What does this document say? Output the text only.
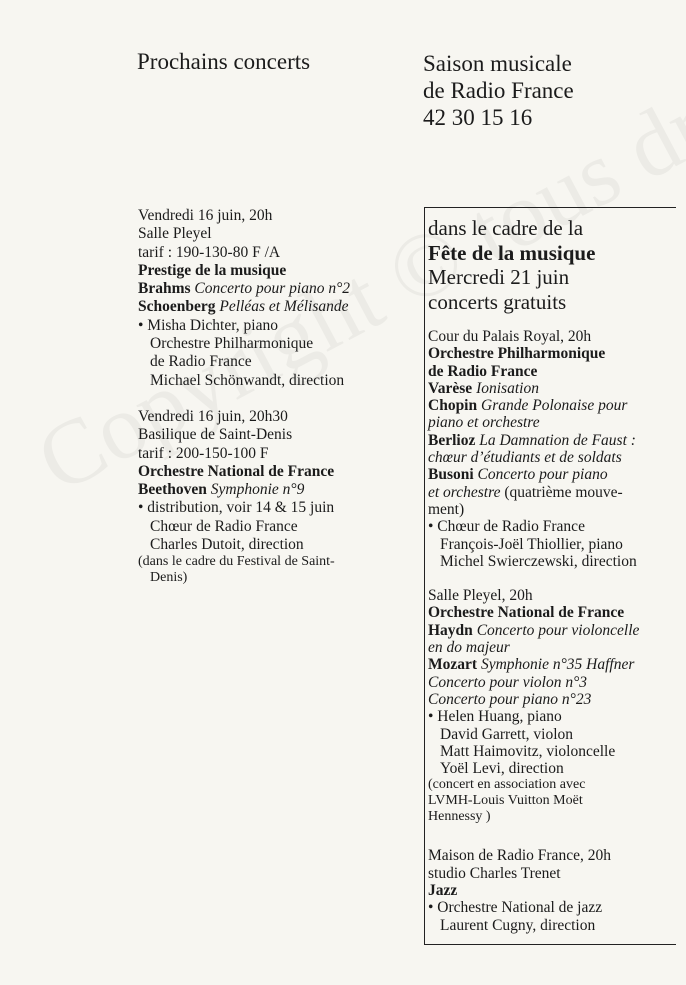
Prochains concerts	Saison musicale
de Radio France
42 30 15 16
Vendredi 16 juin, 20h
Salle Pleyel
tarif : 190-130-80 F /A
Prestige de la musique
Brahms Concerto pour piano n°2
Schoenberg Pelléas et Mélisande
• Misha Dichter, piano
Orchestre Philharmonique
de Radio France
Michael Schönwandt, direction
Vendredi 16 juin, 20h30
Basilique de Saint-Denis
tarif : 200-150-100 F
Orchestre National de France
Beethoven Symphonie n°9
• distribution, voir 14 & 15 juin
Chœur de Radio France
Charles Dutoit, direction
(dans le cadre du Festival de Saint-
Denis)
dans le cadre de la
Fête de la musique
Mercredi 21 juin
concerts gratuits
Cour du Palais Royal, 20h
Orchestre Philharmonique
de Radio France
Varèse Ionisation
Chopin Grande Polonaise pour
piano et orchestre
Berlioz La Damnation de Faust :
chœur d’étudiants et de soldats
Busoni Concerto pour piano
et orchestre (quatrième mouve-
ment)
• Chœur de Radio France
François-Joël Thiollier, piano
Michel Swierczewski, direction
Salle Pleyel, 20h
Orchestre National de France
Haydn Concerto pour violoncelle
en do majeur
Mozart Symphonie n°35 Haffner
Concerto pour violon n°3
Concerto pour piano n°23
• Helen Huang, piano
David Garrett, violon
Matt Haimovitz, violoncelle
Yoël Levi, direction
(concert en association avec
LVMH-Louis Vuitton Moët
Hennessy )
Maison de Radio France, 20h
studio Charles Trenet
Jazz
• Orchestre National de jazz
Laurent Cugny, direction
